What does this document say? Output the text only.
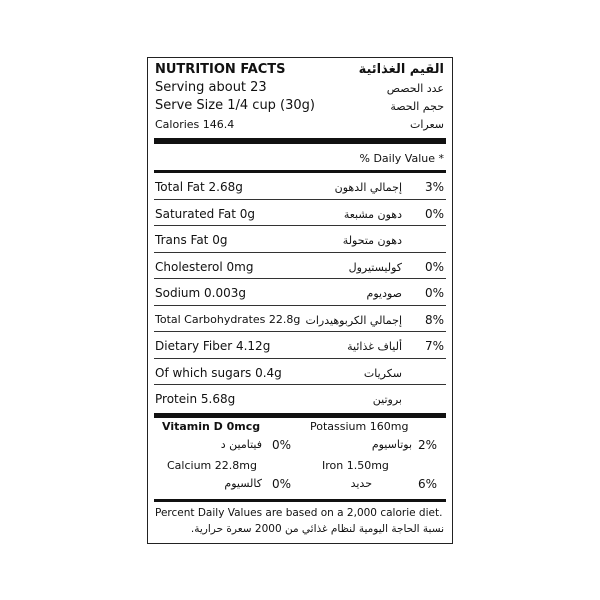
NUTRITION FACTS	القيم الغذائية
Serving about 23	عدد الحصص
Serve Size 1/4 cup (30g)	حجم الحصة
Calories 146.4	سعرات
% Daily Value *
Total Fat 2.68g	إجمالي الدهون 3%
Saturated Fat 0g	دهون مشبعة 0%
Trans Fat 0g	دهون متحولة
Cholesterol 0mg	كوليستيرول 0%
Sodium 0.003g	صوديوم 0%
Total Carbohydrates 22.8g إجمالي الكربوهيدرات 8%
Dietary Fiber 4.12g	ألياف غذائية 7%
Of which sugars 0.4g	سكريات
Protein 5.68g	بروتين
Vitamin D 0mcg	Potassium 160mg
فيتامين د 0%	بوتاسيوم 2%
Calcium 22.8mg	Iron 1.50mg
كالسيوم 0%	حديد	6%
Percent Daily Values are based on a 2,000 calorie diet.
نسبة الحاجة اليومية لنظام غذائي من 2000 سعرة حرارية.
